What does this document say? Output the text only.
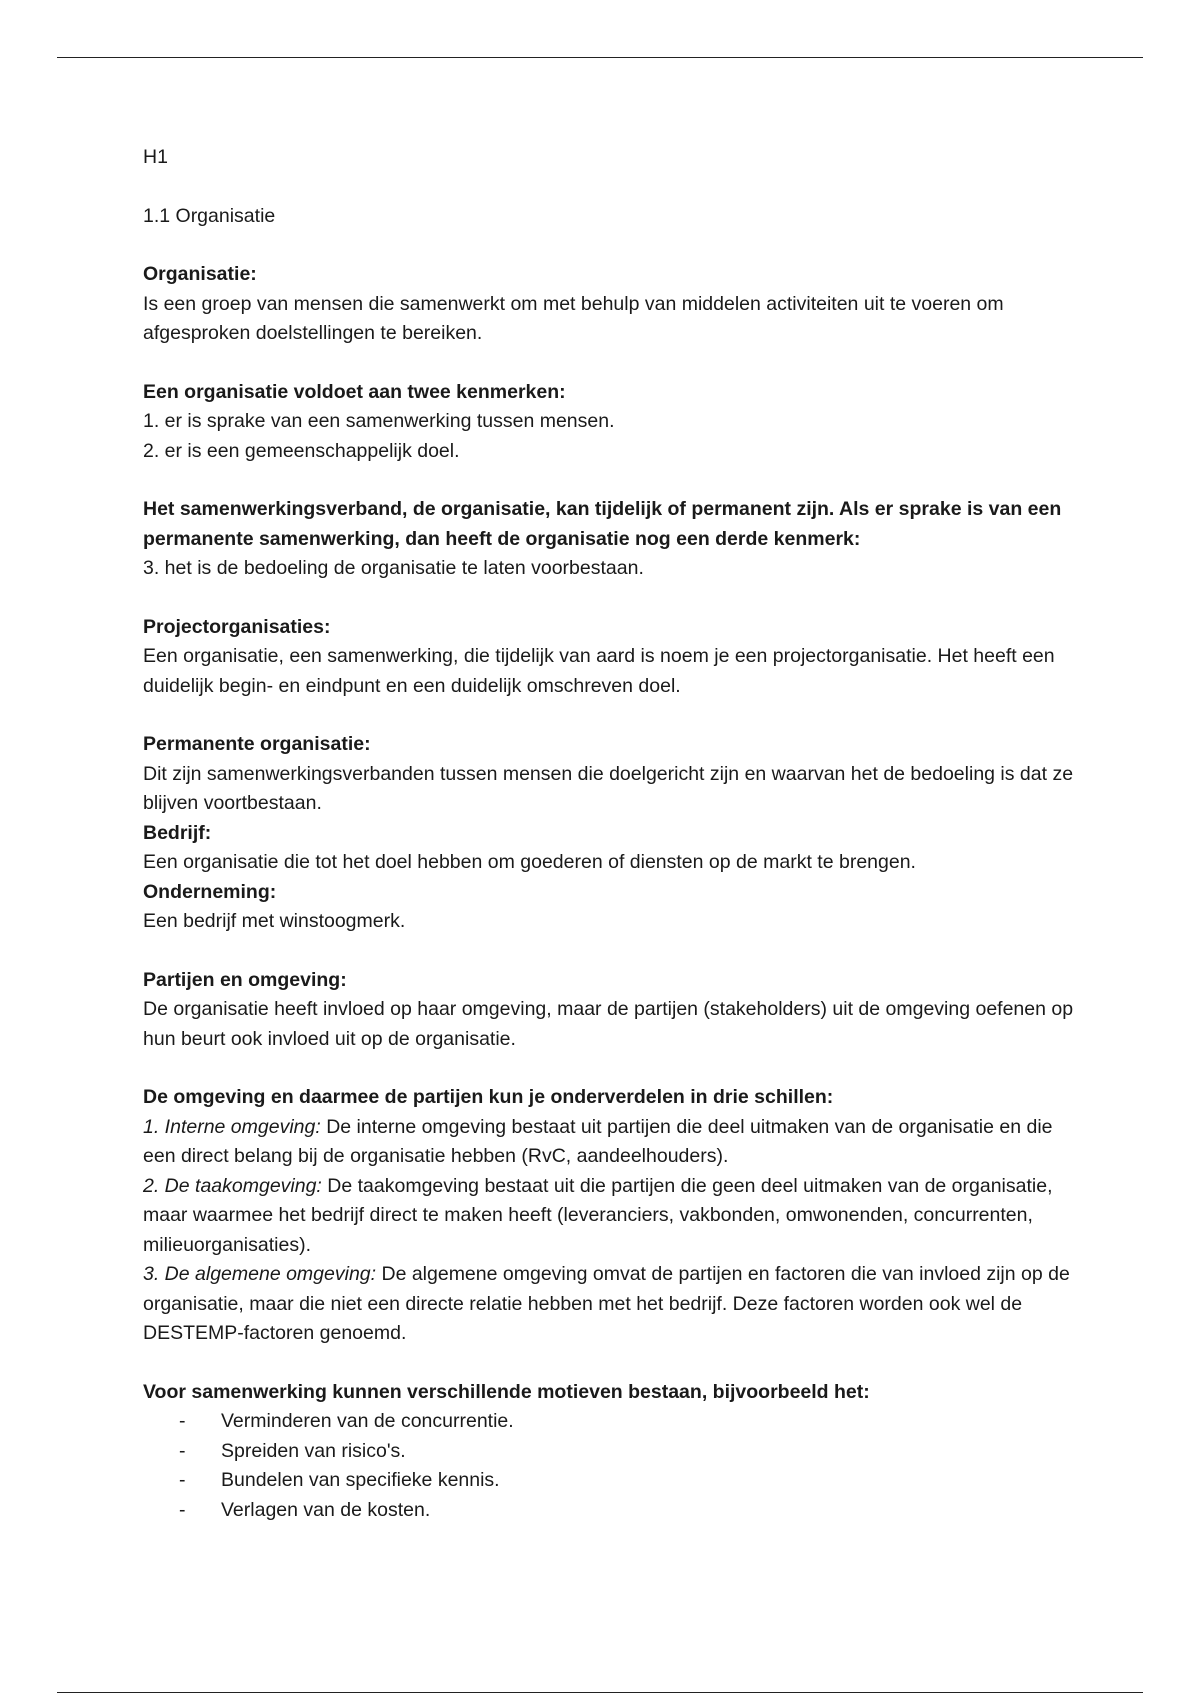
H1

1.1 Organisatie

Organisatie:

Is een groep van mensen die samenwerkt om met behulp van middelen activiteiten uit te voeren om afgesproken doelstellingen te bereiken.

Een organisatie voldoet aan twee kenmerken:

1. er is sprake van een samenwerking tussen mensen.

2. er is een gemeenschappelijk doel.

Het samenwerkingsverband, de organisatie, kan tijdelijk of permanent zijn. Als er sprake is van een permanente samenwerking, dan heeft de organisatie nog een derde kenmerk:

3. het is de bedoeling de organisatie te laten voorbestaan.

Projectorganisaties:

Een organisatie, een samenwerking, die tijdelijk van aard is noem je een projectorganisatie. Het heeft een duidelijk begin- en eindpunt en een duidelijk omschreven doel.

Permanente organisatie:

Dit zijn samenwerkingsverbanden tussen mensen die doelgericht zijn en waarvan het de bedoeling is dat ze blijven voortbestaan.

Bedrijf:

Een organisatie die tot het doel hebben om goederen of diensten op de markt te brengen.

Onderneming:

Een bedrijf met winstoogmerk.

Partijen en omgeving:

De organisatie heeft invloed op haar omgeving, maar de partijen (stakeholders) uit de omgeving oefenen op hun beurt ook invloed uit op de organisatie.

De omgeving en daarmee de partijen kun je onderverdelen in drie schillen:

1. Interne omgeving: De interne omgeving bestaat uit partijen die deel uitmaken van de organisatie en die een direct belang bij de organisatie hebben (RvC, aandeelhouders).

2. De taakomgeving: De taakomgeving bestaat uit die partijen die geen deel uitmaken van de organisatie, maar waarmee het bedrijf direct te maken heeft (leveranciers, vakbonden, omwonenden, concurrenten, milieuorganisaties).

3. De algemene omgeving: De algemene omgeving omvat de partijen en factoren die van invloed zijn op de organisatie, maar die niet een directe relatie hebben met het bedrijf. Deze factoren worden ook wel de DESTEMP-factoren genoemd.

Voor samenwerking kunnen verschillende motieven bestaan, bijvoorbeeld het:

- Verminderen van de concurrentie.
- Spreiden van risico's.
- Bundelen van specifieke kennis.
- Verlagen van de kosten.
